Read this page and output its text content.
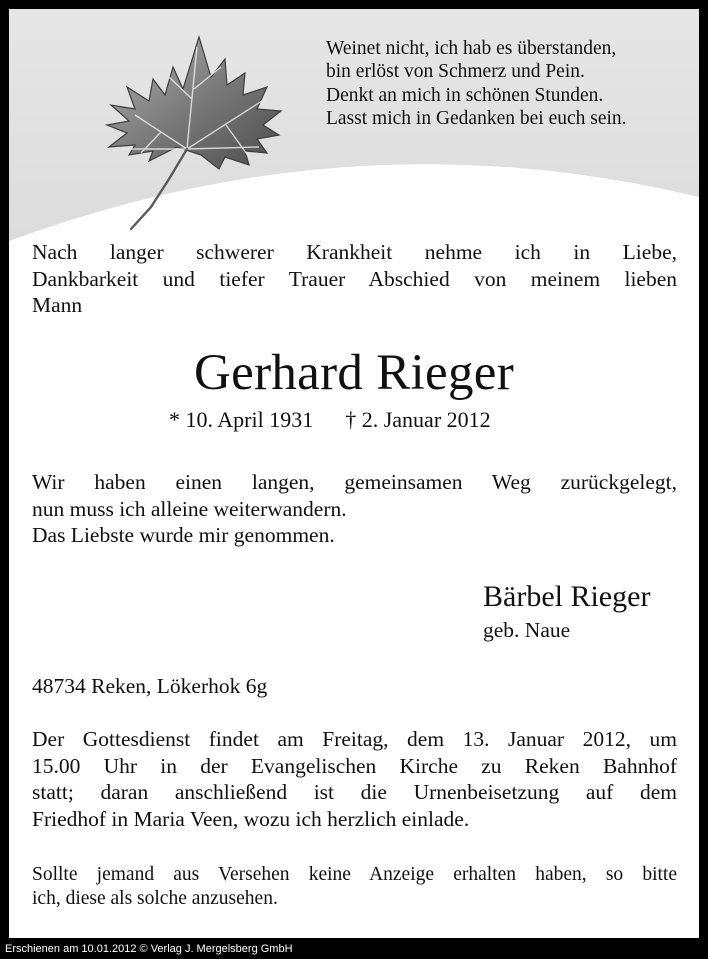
Weinet nicht, ich hab es überstanden,
bin erlöst von Schmerz und Pein.
Denkt an mich in schönen Stunden.
Lasst mich in Gedanken bei euch sein.
Nach langer schwerer Krankheit nehme ich in Liebe,
Dankbarkeit und tiefer Trauer Abschied von meinem lieben
Mann
Gerhard Rieger
* 10. April 1931 † 2. Januar 2012
Wir haben einen langen, gemeinsamen Weg zurückgelegt,
nun muss ich alleine weiterwandern.
Das Liebste wurde mir genommen.
Bärbel Rieger
geb. Naue
48734 Reken, Lökerhok 6g
Der Gottesdienst findet am Freitag, dem 13. Januar 2012, um
15.00 Uhr in der Evangelischen Kirche zu Reken Bahnhof
statt; daran anschließend ist die Urnenbeisetzung auf dem
Friedhof in Maria Veen, wozu ich herzlich einlade.
Sollte jemand aus Versehen keine Anzeige erhalten haben, so bitte
ich, diese als solche anzusehen.
Erschienen am 10.01.2012 © Verlag J. Mergelsberg GmbH
